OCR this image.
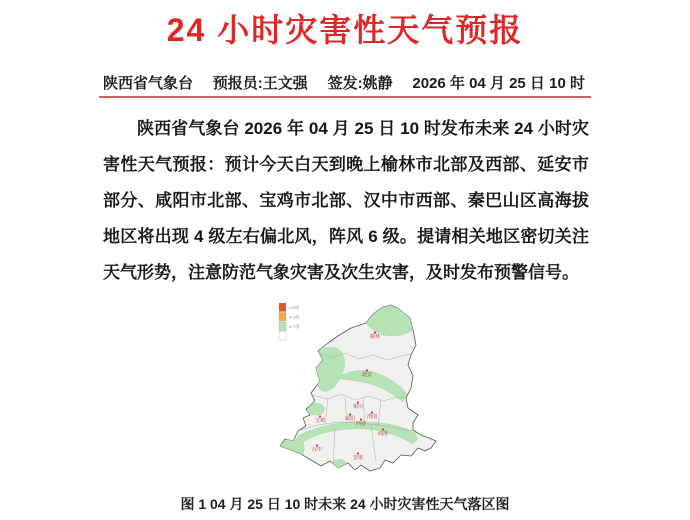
24 小时灾害性天气预报
陕西省气象台 预报员:王文强 签发:姚静 2026 年 04 月 25 日 10 时

陕西省气象台 2026 年 04 月 25 日 10 时发布未来 24 小时灾害性天气预报：预计今天白天到晚上榆林市北部及西部、延安市部分、咸阳市北部、宝鸡市北部、汉中市西部、秦巴山区高海拔地区将出现 4 级左右偏北风，阵风 6 级。提请相关地区密切关注天气形势，注意防范气象灾害及次生灾害，及时发布预警信号。

榆林
延安
铜川
宝鸡	咸阳
西安
渭南
商洛
汉中
安康
≥10级
8~9级
6~7级
图 1 04 月 25 日 10 时未来 24 小时灾害性天气落区图
